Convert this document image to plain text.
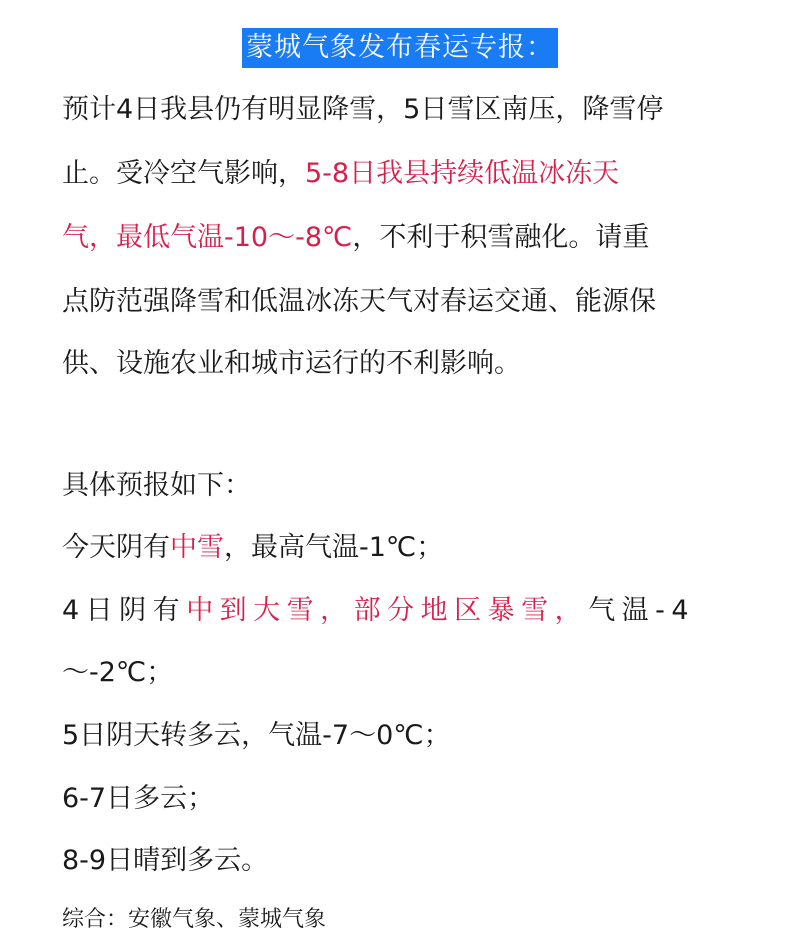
蒙城气象发布春运专报：
预计4日我县仍有明显降雪，5日雪区南压，降雪停
止。受冷空气影响，5-8日我县持续低温冰冻天
气，最低气温-10～-8℃，不利于积雪融化。请重
点防范强降雪和低温冰冻天气对春运交通、能源保
供、设施农业和城市运行的不利影响。
具体预报如下：
今天阴有中雪，最高气温-1℃；
4日阴有中到大雪，部分地区暴雪，气温-4
～-2℃；
5日阴天转多云，气温-7～0℃；
6-7日多云；
8-9日晴到多云。
综合：安徽气象、蒙城气象
